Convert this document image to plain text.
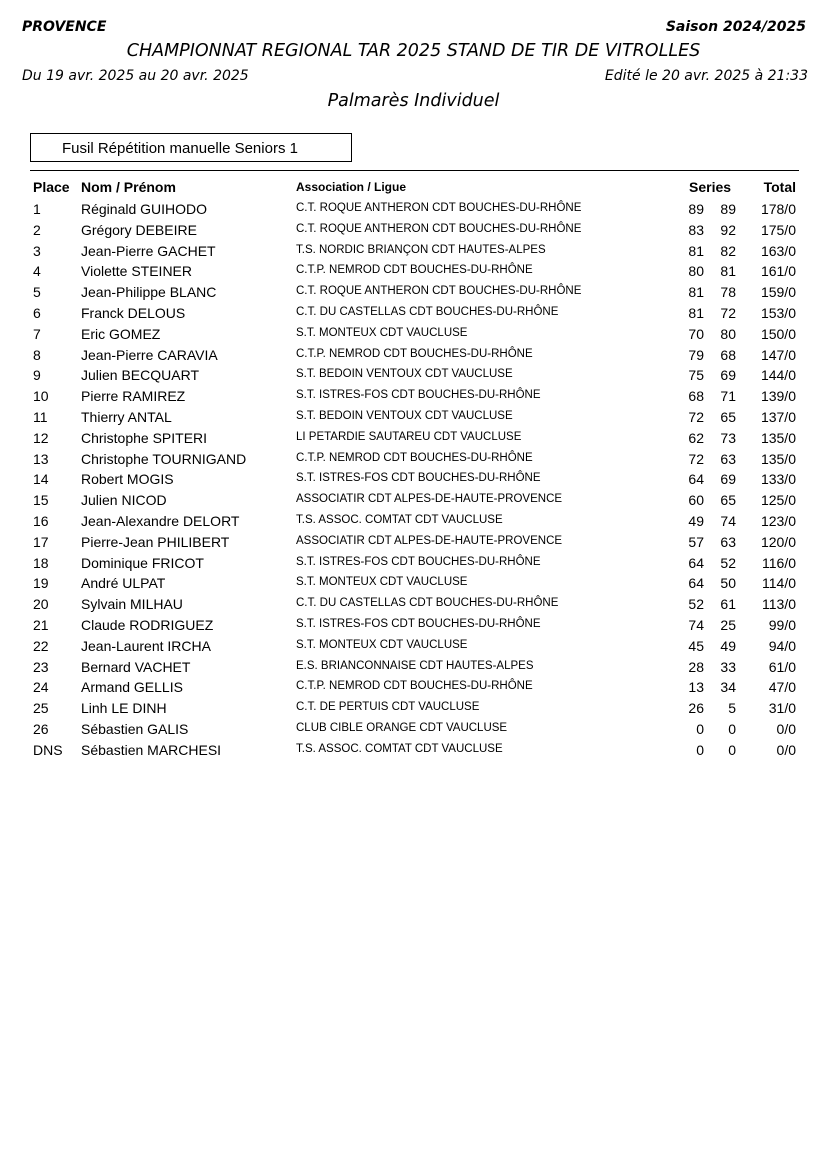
PROVENCE	Saison 2024/2025
CHAMPIONNAT REGIONAL TAR 2025 STAND DE TIR DE VITROLLES
Du 19 avr. 2025 au 20 avr. 2025	Edité le 20 avr. 2025 à 21:33
Palmarès Individuel
Fusil Répétition manuelle Seniors 1
Place Nom / Prénom	Association / Ligue	Series	Total
1	Réginald GUIHODO	C.T. ROQUE ANTHERON CDT BOUCHES-DU-RHÔNE	89	89	178/0
2	Grégory DEBEIRE	C.T. ROQUE ANTHERON CDT BOUCHES-DU-RHÔNE	83	92	175/0
3	Jean-Pierre GACHET	T.S. NORDIC BRIANÇON CDT HAUTES-ALPES	81	82	163/0
4	Violette STEINER	C.T.P. NEMROD CDT BOUCHES-DU-RHÔNE	80	81	161/0
5	Jean-Philippe BLANC	C.T. ROQUE ANTHERON CDT BOUCHES-DU-RHÔNE	81	78	159/0
6	Franck DELOUS	C.T. DU CASTELLAS CDT BOUCHES-DU-RHÔNE	81	72	153/0
7	Eric GOMEZ	S.T. MONTEUX CDT VAUCLUSE	70	80	150/0
8	Jean-Pierre CARAVIA	C.T.P. NEMROD CDT BOUCHES-DU-RHÔNE	79	68	147/0
9	Julien BECQUART	S.T. BEDOIN VENTOUX CDT VAUCLUSE	75	69	144/0
10 Pierre RAMIREZ	S.T. ISTRES-FOS CDT BOUCHES-DU-RHÔNE	68	71	139/0
11 Thierry ANTAL	S.T. BEDOIN VENTOUX CDT VAUCLUSE	72	65	137/0
12 Christophe SPITERI	LI PETARDIE SAUTAREU CDT VAUCLUSE	62	73	135/0
13 Christophe TOURNIGAND	C.T.P. NEMROD CDT BOUCHES-DU-RHÔNE	72	63	135/0
14 Robert MOGIS	S.T. ISTRES-FOS CDT BOUCHES-DU-RHÔNE	64	69	133/0
15 Julien NICOD	ASSOCIATIR CDT ALPES-DE-HAUTE-PROVENCE	60	65	125/0
16 Jean-Alexandre DELORT	T.S. ASSOC. COMTAT CDT VAUCLUSE	49	74	123/0
17 Pierre-Jean PHILIBERT	ASSOCIATIR CDT ALPES-DE-HAUTE-PROVENCE	57	63	120/0
18 Dominique FRICOT	S.T. ISTRES-FOS CDT BOUCHES-DU-RHÔNE	64	52	116/0
19 André ULPAT	S.T. MONTEUX CDT VAUCLUSE	64	50	114/0
20 Sylvain MILHAU	C.T. DU CASTELLAS CDT BOUCHES-DU-RHÔNE	52	61	113/0
21 Claude RODRIGUEZ	S.T. ISTRES-FOS CDT BOUCHES-DU-RHÔNE	74	25	99/0
22 Jean-Laurent IRCHA	S.T. MONTEUX CDT VAUCLUSE	45	49	94/0
23 Bernard VACHET	E.S. BRIANCONNAISE CDT HAUTES-ALPES	28	33	61/0
24 Armand GELLIS	C.T.P. NEMROD CDT BOUCHES-DU-RHÔNE	13	34	47/0
25 Linh LE DINH	C.T. DE PERTUIS CDT VAUCLUSE	26	5	31/0
26 Sébastien GALIS	CLUB CIBLE ORANGE CDT VAUCLUSE	0	0	0/0
DNS Sébastien MARCHESI	T.S. ASSOC. COMTAT CDT VAUCLUSE	0	0	0/0
